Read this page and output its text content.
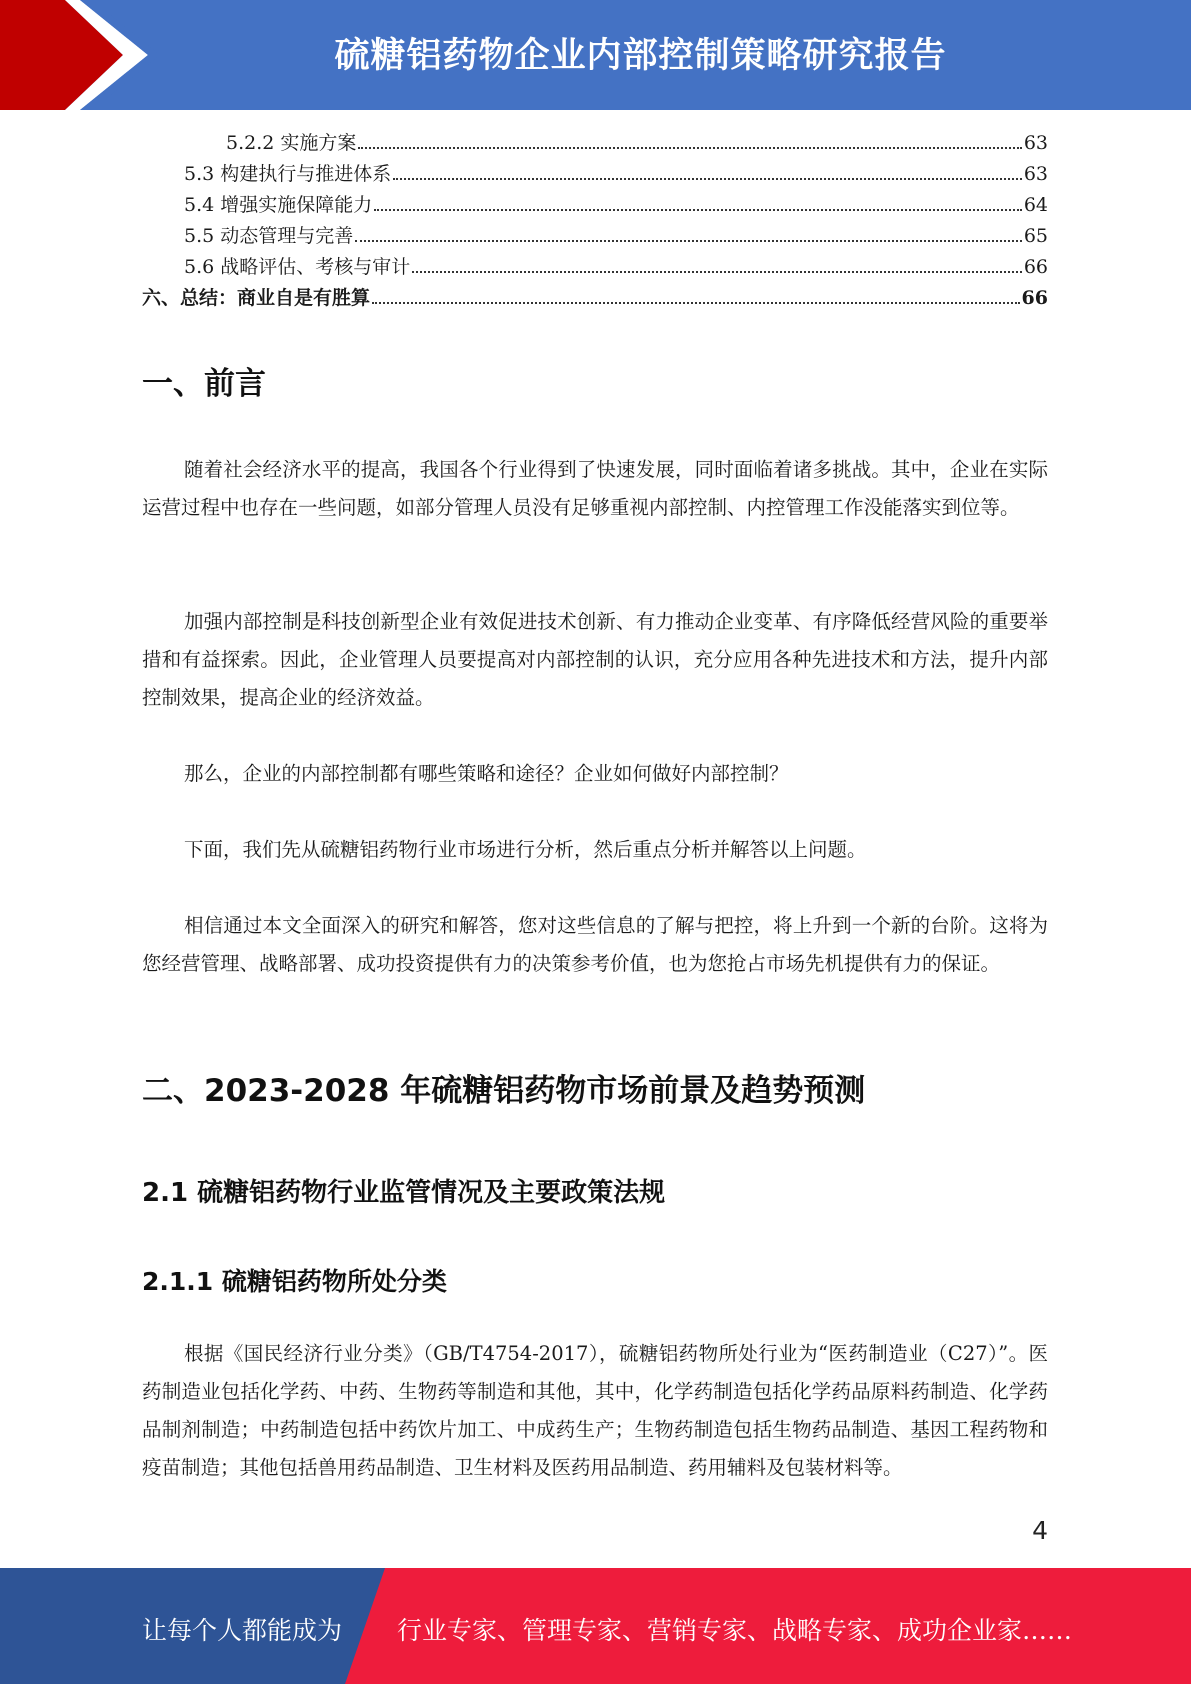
硫糖铝药物企业内部控制策略研究报告
5.2.2 实施方案	63
5.3 构建执行与推进体系	63
5.4 增强实施保障能力	64
5.5 动态管理与完善	65
5.6 战略评估、考核与审计	66
六、总结：商业自是有胜算	66
一、前言

随着社会经济水平的提高，我国各个行业得到了快速发展，同时面临着诸多挑战。其中，企业在实际运营过程中也存在一些问题，如部分管理人员没有足够重视内部控制、内控管理工作没能落实到位等。

加强内部控制是科技创新型企业有效促进技术创新、有力推动企业变革、有序降低经营风险的重要举措和有益探索。因此，企业管理人员要提高对内部控制的认识，充分应用各种先进技术和方法，提升内部控制效果，提高企业的经济效益。

那么，企业的内部控制都有哪些策略和途径？企业如何做好内部控制？

下面，我们先从硫糖铝药物行业市场进行分析，然后重点分析并解答以上问题。

相信通过本文全面深入的研究和解答，您对这些信息的了解与把控，将上升到一个新的台阶。这将为您经营管理、战略部署、成功投资提供有力的决策参考价值，也为您抢占市场先机提供有力的保证。

二、2023-2028 年硫糖铝药物市场前景及趋势预测
2.1 硫糖铝药物行业监管情况及主要政策法规
2.1.1 硫糖铝药物所处分类

根据《国民经济行业分类》（GB/T4754-2017），硫糖铝药物所处行业为“医药制造业（C27）”。医药制造业包括化学药、中药、生物药等制造和其他，其中，化学药制造包括化学药品原料药制造、化学药品制剂制造；中药制造包括中药饮片加工、中成药生产；生物药制造包括生物药品制造、基因工程药物和疫苗制造；其他包括兽用药品制造、卫生材料及医药用品制造、药用辅料及包装材料等。

4
让每个人都能成为 行业专家、管理专家、营销专家、战略专家、成功企业家……
